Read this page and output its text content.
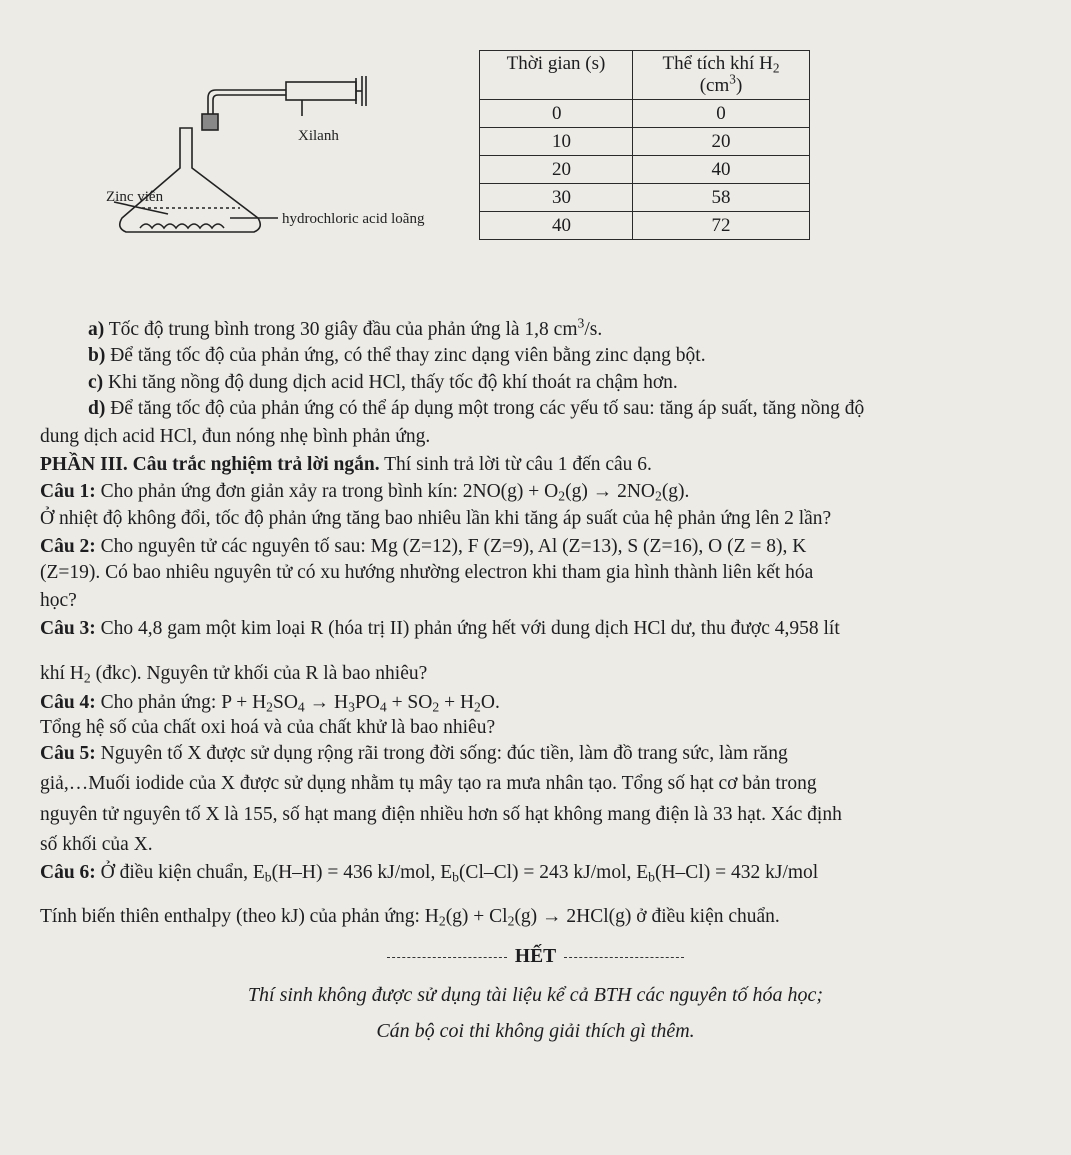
Xilanh
Zinc viên
hydrochloric acid loãng
Thời gian (s)	Thể tích khí $H_2$
$(cm^3)$
0	0
10	20
20	40
30	58
40	72
a) Tốc độ trung bình trong 30 giây đầu của phản ứng là 1,8 $cm^3/s$.
b) Để tăng tốc độ của phản ứng, có thể thay zinc dạng viên bằng zinc dạng bột.
c) Khi tăng nồng độ dung dịch acid HCl, thấy tốc độ khí thoát ra chậm hơn.
d) Để tăng tốc độ của phản ứng có thể áp dụng một trong các yếu tố sau: tăng áp suất, tăng nồng độ
dung dịch acid HCl, đun nóng nhẹ bình phản ứng.
PHẦN III. Câu trắc nghiệm trả lời ngắn. Thí sinh trả lời từ câu 1 đến câu 6.
Câu 1: Cho phản ứng đơn giản xảy ra trong bình kín: $2NO(g) + O_2(g) \to 2NO_2(g)$.
Ở nhiệt độ không đổi, tốc độ phản ứng tăng bao nhiêu lần khi tăng áp suất của hệ phản ứng lên 2 lần?
Câu 2: Cho nguyên tử các nguyên tố sau: Mg (Z=12), F (Z=9), Al (Z=13), S (Z=16), O (Z = 8), K
(Z=19). Có bao nhiêu nguyên tử có xu hướng nhường electron khi tham gia hình thành liên kết hóa
học?
Câu 3: Cho 4,8 gam một kim loại R (hóa trị II) phản ứng hết với dung dịch HCl dư, thu được 4,958 lít
khí $H_2$ (đkc). Nguyên tử khối của R là bao nhiêu?
Câu 4: Cho phản ứng: $P + H_2SO_4 \to H_3PO_4 + SO_2 + H_2O$.
Tổng hệ số của chất oxi hoá và của chất khử là bao nhiêu?
Câu 5: Nguyên tố X được sử dụng rộng rãi trong đời sống: đúc tiền, làm đồ trang sức, làm răng
giả,…Muối iodide của X được sử dụng nhằm tụ mây tạo ra mưa nhân tạo. Tổng số hạt cơ bản trong
nguyên tử nguyên tố X là 155, số hạt mang điện nhiều hơn số hạt không mang điện là 33 hạt. Xác định
số khối của X.
Câu 6: Ở điều kiện chuẩn, $E_b(H-H) = 436$ kJ/mol, $E_b(Cl-Cl) = 243$ kJ/mol, $E_b(H-Cl) = 432$ kJ/mol
Tính biến thiên enthalpy (theo kJ) của phản ứng: $H_2(g) + Cl_2(g) \to 2HCl(g)$ ở điều kiện chuẩn.
HẾT
Thí sinh không được sử dụng tài liệu kể cả BTH các nguyên tố hóa học;
Cán bộ coi thi không giải thích gì thêm.
